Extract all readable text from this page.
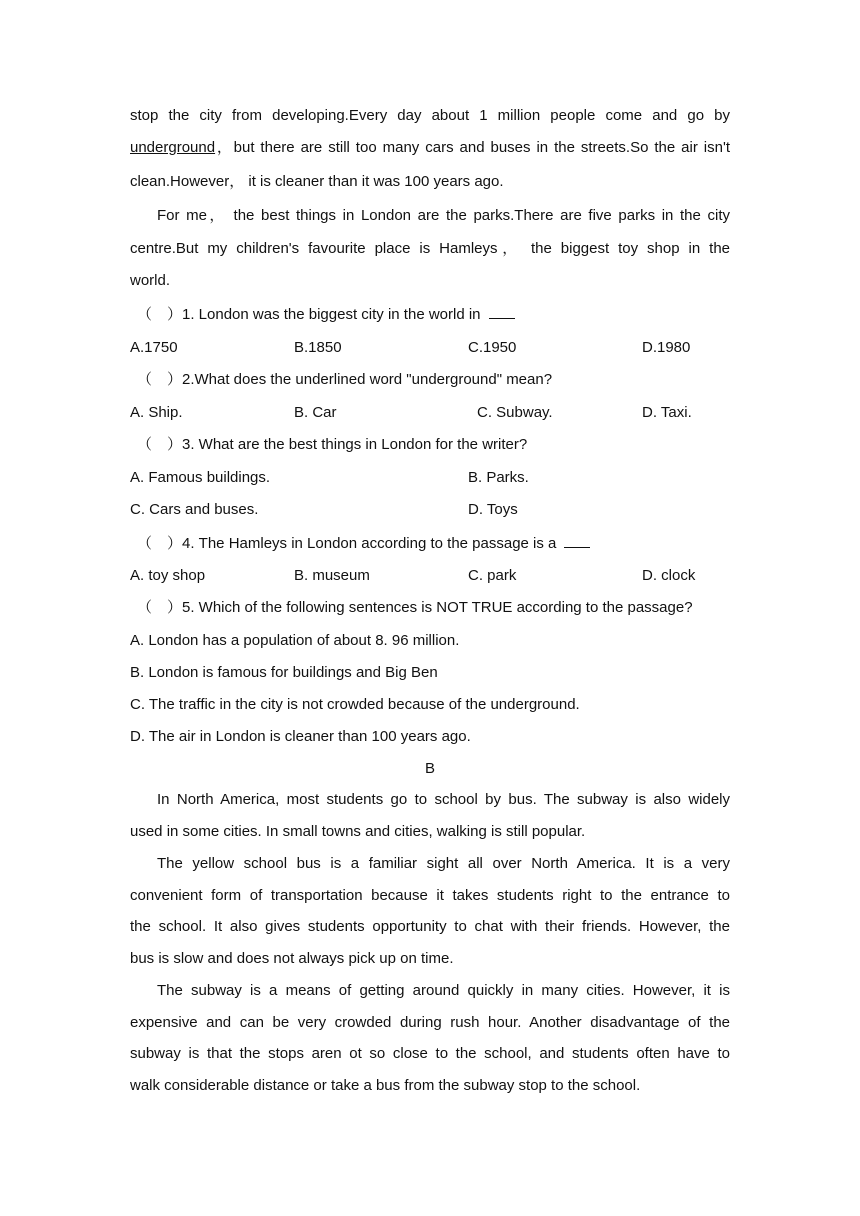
stop the city from developing.Every day about 1 million people come and go by
underground，but there are still too many cars and buses in the streets.So the air isn't
clean.However， it is cleaner than it was 100 years ago.
For me， the best things in London are the parks.There are five parks in the city
centre.But my children's favourite place is Hamleys， the biggest toy shop in the
world.
（　）1. London was the biggest city in the world in
A.1750	B.1850	C.1950	D.1980
（　）2.What does the underlined word "underground" mean?
A. Ship.	B. Car	C. Subway.	D. Taxi.
（　）3. What are the best things in London for the writer?
A. Famous buildings.	B. Parks.
C. Cars and buses.	D. Toys
（　）4. The Hamleys in London according to the passage is a
A. toy shop	B. museum	C. park	D. clock
（　）5. Which of the following sentences is NOT TRUE according to the passage?
A. London has a population of about 8. 96 million.
B. London is famous for buildings and Big Ben
C. The traffic in the city is not crowded because of the underground.
D. The air in London is cleaner than 100 years ago.
B
In North America, most students go to school by bus. The subway is also widely
used in some cities. In small towns and cities, walking is still popular.
The yellow school bus is a familiar sight all over North America. It is a very
convenient form of transportation because it takes students right to the entrance to
the school. It also gives students opportunity to chat with their friends. However, the
bus is slow and does not always pick up on time.
The subway is a means of getting around quickly in many cities. However, it is
expensive and can be very crowded during rush hour. Another disadvantage of the
subway is that the stops aren ot so close to the school, and students often have to
walk considerable distance or take a bus from the subway stop to the school.
